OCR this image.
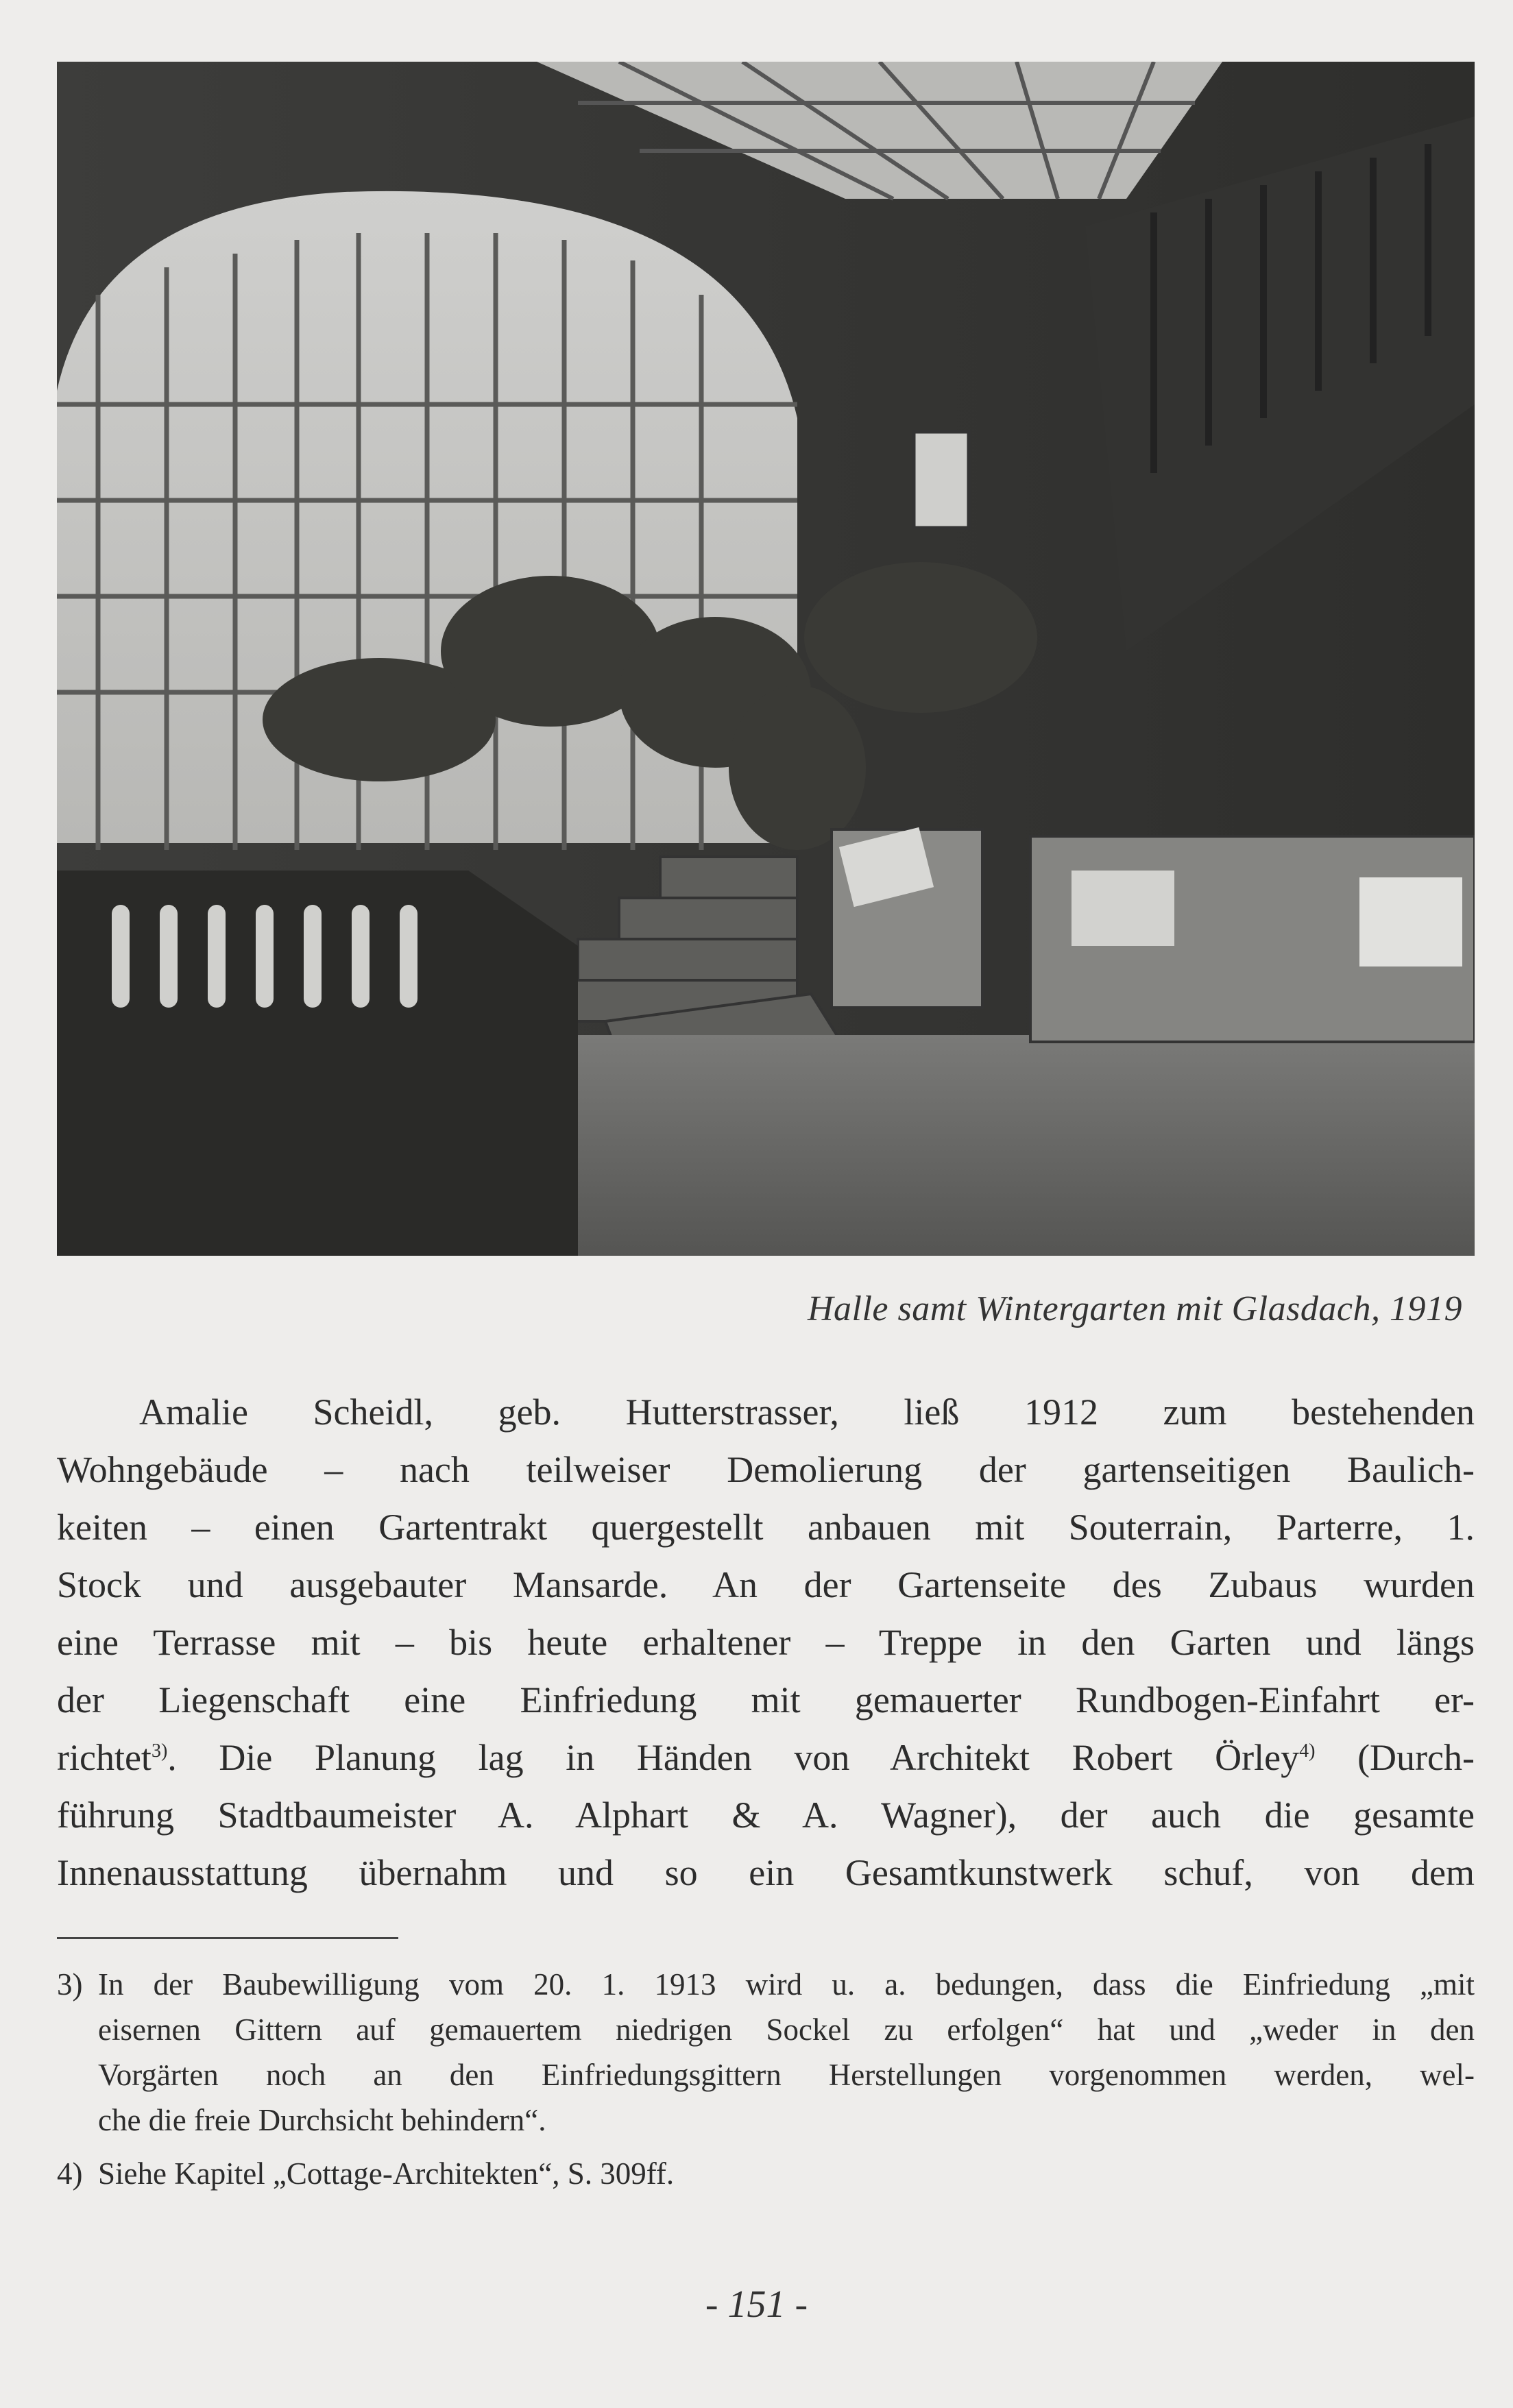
Halle samt Wintergarten mit Glasdach, 1919
Amalie Scheidl, geb. Hutterstrasser, ließ 1912 zum bestehenden
Wohngebäude – nach teilweiser Demolierung der gartenseitigen Baulich-
keiten – einen Gartentrakt quergestellt anbauen mit Souterrain, Parterre, 1.
Stock und ausgebauter Mansarde. An der Gartenseite des Zubaus wurden
eine Terrasse mit – bis heute erhaltener – Treppe in den Garten und längs
der Liegenschaft eine Einfriedung mit gemauerter Rundbogen-Einfahrt er-
richtet$^{3)}$. Die Planung lag in Händen von Architekt Robert Örley$^{4)}$ (Durch-
führung Stadtbaumeister A. Alphart & A. Wagner), der auch die gesamte
Innenausstattung übernahm und so ein Gesamtkunstwerk schuf, von dem
3) In der Baubewilligung vom 20. 1. 1913 wird u. a. bedungen, dass die Einfriedung „mit
eisernen Gittern auf gemauertem niedrigen Sockel zu erfolgen“ hat und „weder in den
Vorgärten noch an den Einfriedungsgittern Herstellungen vorgenommen werden, wel-
che die freie Durchsicht behindern“.
4) Siehe Kapitel „Cottage-Architekten“, S. 309ff.
- 151 -
